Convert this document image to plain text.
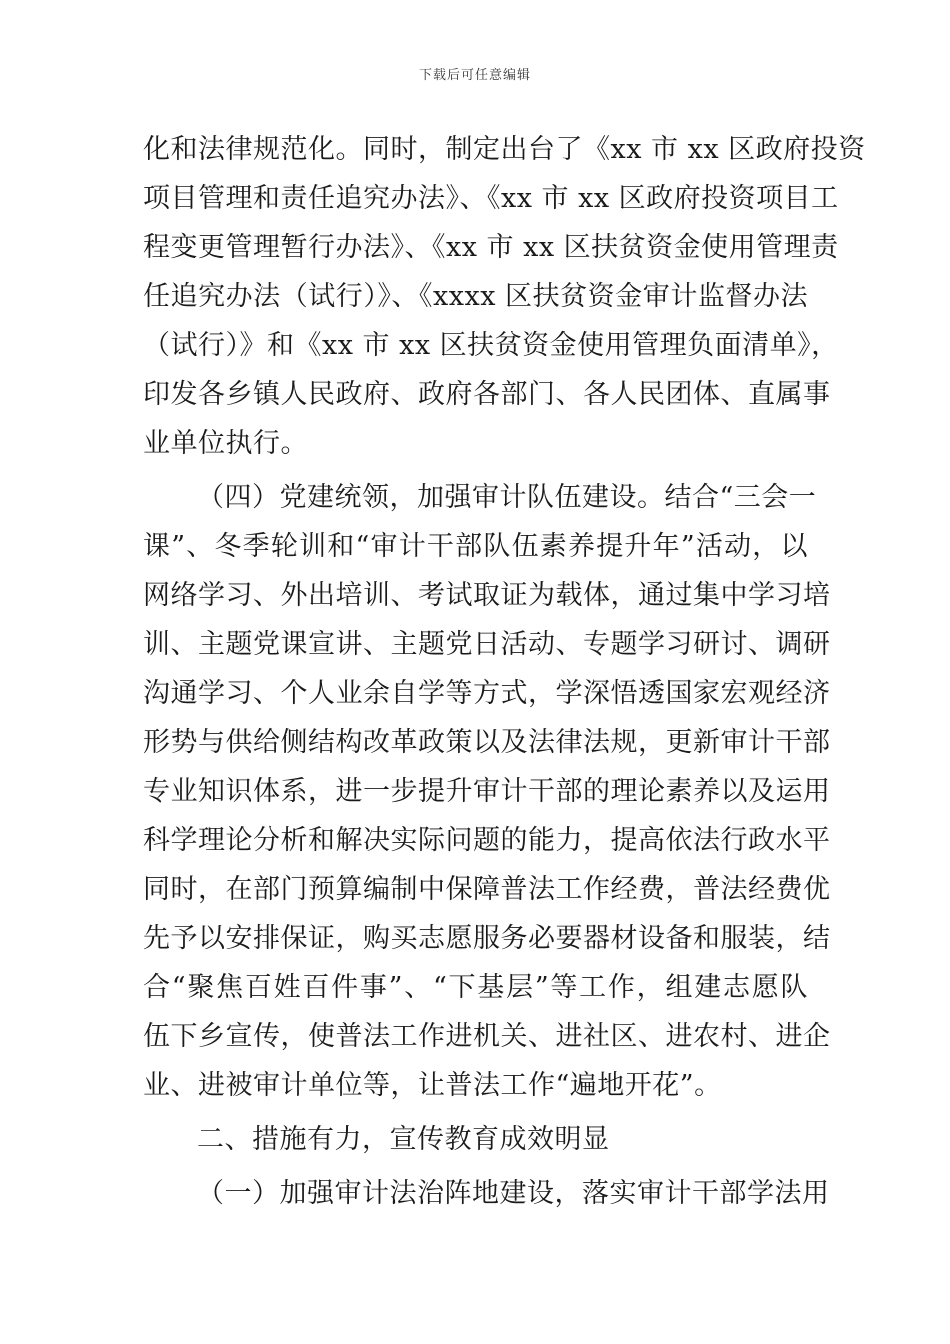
下载后可任意编辑
化和法律规范化。同时，制定出台了《xx 市 xx 区政府投资
项目管理和责任追究办法》、《xx 市 xx 区政府投资项目工
程变更管理暂行办法》、《xx 市 xx 区扶贫资金使用管理责
任追究办法（试行）》、《xxxx 区扶贫资金审计监督办法
（试行）》和《xx 市 xx 区扶贫资金使用管理负面清单》，
印发各乡镇人民政府、政府各部门、各人民团体、直属事
业单位执行。
（四）党建统领，加强审计队伍建设。结合“三会一
课”、冬季轮训和“审计干部队伍素养提升年”活动，以
网络学习、外出培训、考试取证为载体，通过集中学习培
训、主题党课宣讲、主题党日活动、专题学习研讨、调研
沟通学习、个人业余自学等方式，学深悟透国家宏观经济
形势与供给侧结构改革政策以及法律法规，更新审计干部
专业知识体系，进一步提升审计干部的理论素养以及运用
科学理论分析和解决实际问题的能力，提高依法行政水平
同时，在部门预算编制中保障普法工作经费，普法经费优
先予以安排保证，购买志愿服务必要器材设备和服装，结
合“聚焦百姓百件事”、“下基层”等工作，组建志愿队
伍下乡宣传，使普法工作进机关、进社区、进农村、进企
业、进被审计单位等，让普法工作“遍地开花”。
二、措施有力，宣传教育成效明显
（一）加强审计法治阵地建设，落实审计干部学法用
